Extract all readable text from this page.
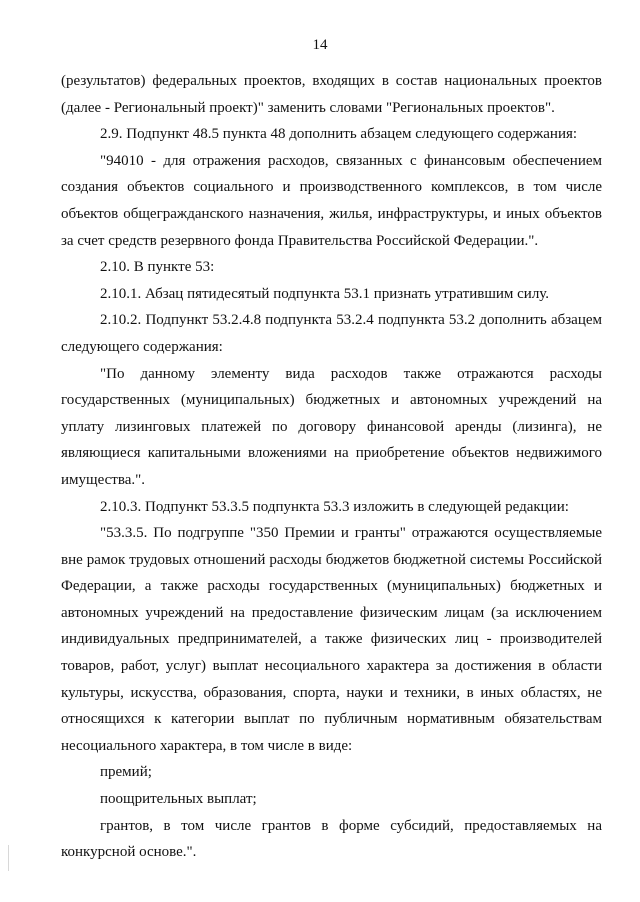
14

(результатов) федеральных проектов, входящих в состав национальных проектов (далее - Региональный проект)" заменить словами "Региональных проектов".

2.9. Подпункт 48.5 пункта 48 дополнить абзацем следующего содержания:

"94010 - для отражения расходов, связанных с финансовым обеспечением создания объектов социального и производственного комплексов, в том числе объектов общегражданского назначения, жилья, инфраструктуры, и иных объектов за счет средств резервного фонда Правительства Российской Федерации.".

2.10. В пункте 53:

2.10.1. Абзац пятидесятый подпункта 53.1 признать утратившим силу.

2.10.2. Подпункт 53.2.4.8 подпункта 53.2.4 подпункта 53.2 дополнить абзацем следующего содержания:

"По данному элементу вида расходов также отражаются расходы государственных (муниципальных) бюджетных и автономных учреждений на уплату лизинговых платежей по договору финансовой аренды (лизинга), не являющиеся капитальными вложениями на приобретение объектов недвижимого имущества.".

2.10.3. Подпункт 53.3.5 подпункта 53.3 изложить в следующей редакции:

"53.3.5. По подгруппе "350 Премии и гранты" отражаются осуществляемые вне рамок трудовых отношений расходы бюджетов бюджетной системы Российской Федерации, а также расходы государственных (муниципальных) бюджетных и автономных учреждений на предоставление физическим лицам (за исключением индивидуальных предпринимателей, а также физических лиц - производителей товаров, работ, услуг) выплат несоциального характера за достижения в области культуры, искусства, образования, спорта, науки и техники, в иных областях, не относящихся к категории выплат по публичным нормативным обязательствам несоциального характера, в том числе в виде:

премий;

поощрительных выплат;

грантов, в том числе грантов в форме субсидий, предоставляемых на конкурсной основе.".
